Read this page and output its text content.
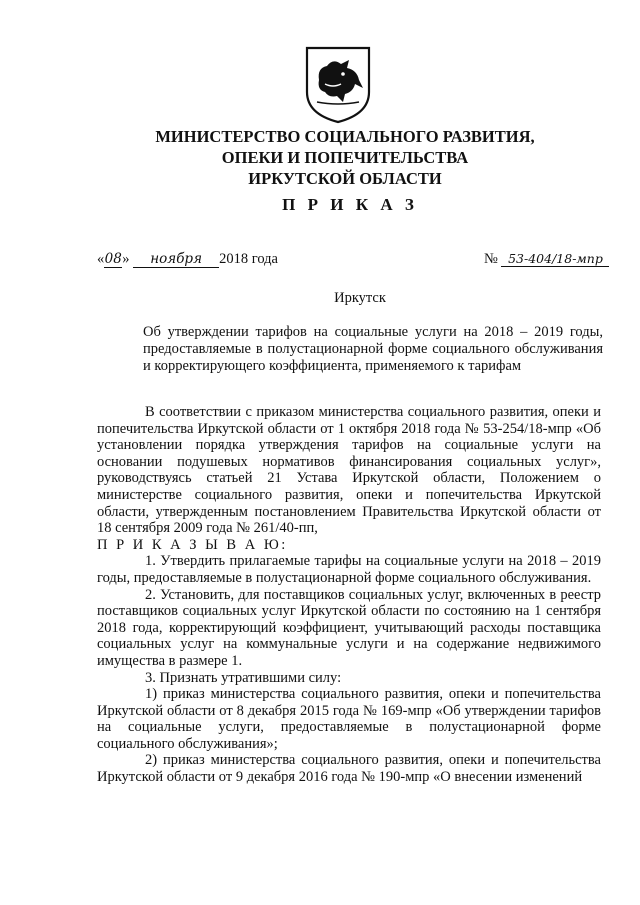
МИНИСТЕРСТВО СОЦИАЛЬНОГО РАЗВИТИЯ,
ОПЕКИ И ПОПЕЧИТЕЛЬСТВА
ИРКУТСКОЙ ОБЛАСТИ
П Р И К А З
«08» ноября 2018 года	№ 53-404/18-мпр
Иркутск
Об утверждении тарифов на социальные услуги на 2018 – 2019 годы, предоставляемые в полустационарной форме социального обслуживания и корректирующего коэффициента, применяемого к тарифам

В соответствии с приказом министерства социального развития, опеки и попечительства Иркутской области от 1 октября 2018 года № 53-254/18-мпр «Об установлении порядка утверждения тарифов на социальные услуги на основании подушевых нормативов финансирования социальных услуг», руководствуясь статьей 21 Устава Иркутской области, Положением о министерстве социального развития, опеки и попечительства Иркутской области, утвержденным постановлением Правительства Иркутской области от 18 сентября 2009 года № 261/40-пп,

П Р И К А З Ы В А Ю:

1. Утвердить прилагаемые тарифы на социальные услуги на 2018 – 2019 годы, предоставляемые в полустационарной форме социального обслуживания.

2. Установить, для поставщиков социальных услуг, включенных в реестр поставщиков социальных услуг Иркутской области по состоянию на 1 сентября 2018 года, корректирующий коэффициент, учитывающий расходы поставщика социальных услуг на коммунальные услуги и на содержание недвижимого имущества в размере 1.

3. Признать утратившими силу:

1) приказ министерства социального развития, опеки и попечительства Иркутской области от 8 декабря 2015 года № 169-мпр «Об утверждении тарифов на социальные услуги, предоставляемые в полустационарной форме социального обслуживания»;

2) приказ министерства социального развития, опеки и попечительства Иркутской области от 9 декабря 2016 года № 190-мпр «О внесении изменений
